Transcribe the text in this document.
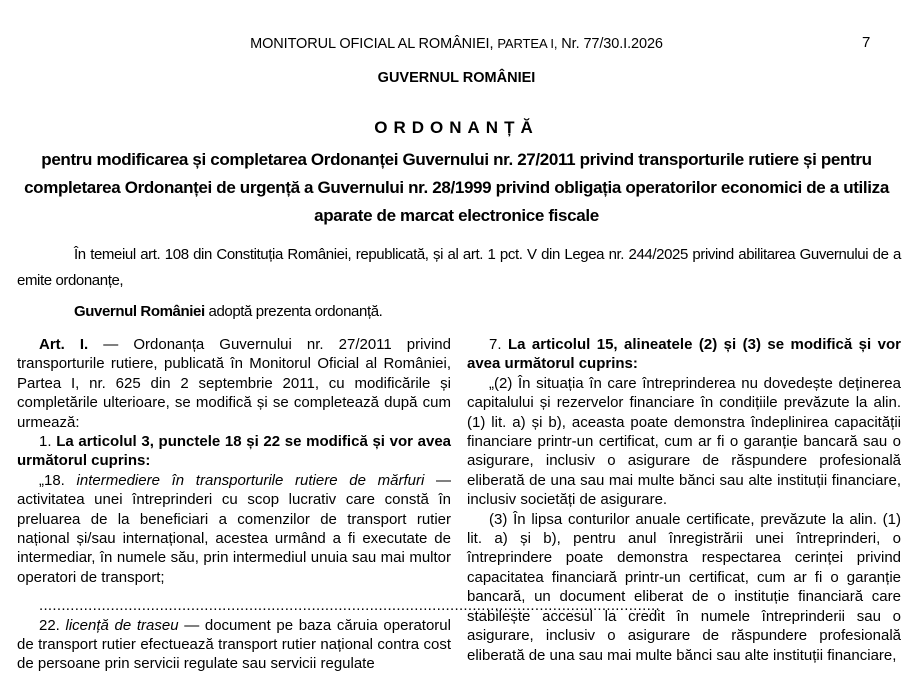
MONITORUL OFICIAL AL ROMÂNIEI, PARTEA I, Nr. 77/30.I.2026	7
GUVERNUL ROMÂNIEI
ORDONANȚĂ
pentru modificarea și completarea Ordonanței Guvernului nr. 27/2011 privind transporturile rutiere și pentru completarea Ordonanței de urgență a Guvernului nr. 28/1999 privind obligația operatorilor economici de a utiliza aparate de marcat electronice fiscale

În temeiul art. 108 din Constituția României, republicată, și al art. 1 pct. V din Legea nr. 244/2025 privind abilitarea Guvernului de a emite ordonanțe,

Guvernul României adoptă prezenta ordonanță.

Art. I. — Ordonanța Guvernului nr. 27/2011 privind transporturile rutiere, publicată în Monitorul Oficial al României, Partea I, nr. 625 din 2 septembrie 2011, cu modificările și completările ulterioare, se modifică și se completează după cum urmează:

1. La articolul 3, punctele 18 și 22 se modifică și vor avea următorul cuprins:

„18. intermediere în transporturile rutiere de mărfuri — activitatea unei întreprinderi cu scop lucrativ care constă în preluarea de la beneficiari a comenzilor de transport rutier național și/sau internațional, acestea urmând a fi executate de intermediar, în numele său, prin intermediul unuia sau mai multor operatori de transport;

...........................................................................................................................................

22. licență de traseu — document pe baza căruia operatorul de transport rutier efectuează transport rutier național contra cost de persoane prin servicii regulate sau servicii regulate

7. La articolul 15, alineatele (2) și (3) se modifică și vor avea următorul cuprins:

„(2) În situația în care întreprinderea nu dovedește deținerea capitalului și rezervelor financiare în condițiile prevăzute la alin. (1) lit. a) și b), aceasta poate demonstra îndeplinirea capacității financiare printr-un certificat, cum ar fi o garanție bancară sau o asigurare, inclusiv o asigurare de răspundere profesională eliberată de una sau mai multe bănci sau alte instituții financiare, inclusiv societăți de asigurare.

(3) În lipsa conturilor anuale certificate, prevăzute la alin. (1) lit. a) și b), pentru anul înregistrării unei întreprinderi, o întreprindere poate demonstra respectarea cerinței privind capacitatea financiară printr-un certificat, cum ar fi o garanție bancară, un document eliberat de o instituție financiară care stabilește accesul la credit în numele întreprinderii sau o asigurare, inclusiv o asigurare de răspundere profesională eliberată de una sau mai multe bănci sau alte instituții financiare,
